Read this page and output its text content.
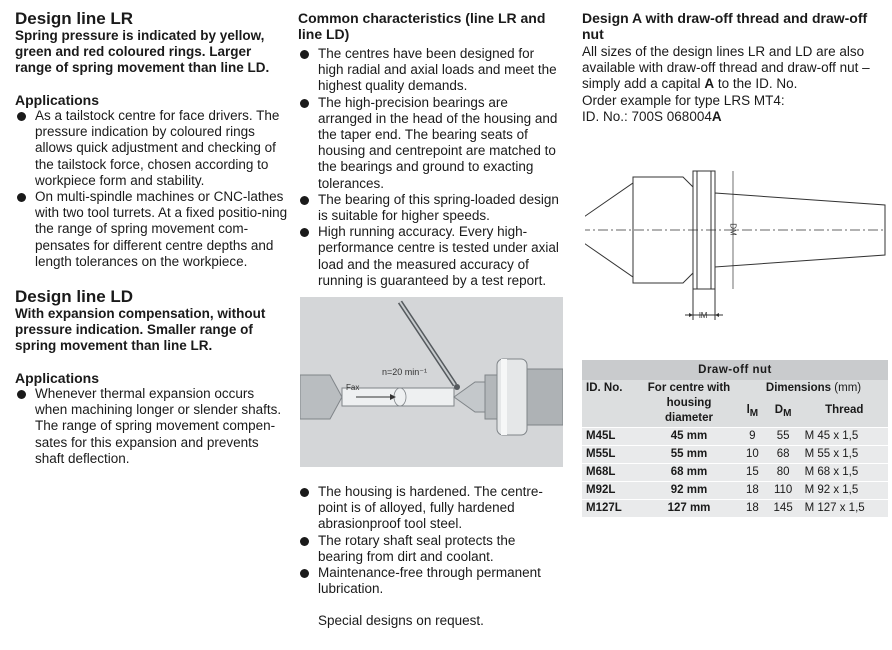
Design line LR
Spring pressure is indicated by yellow, green and red coloured rings. Larger range of spring movement than line LD.
Applications
As a tailstock centre for face drivers. The pressure indication by coloured rings allows quick adjustment and checking of the tailstock force, chosen according to workpiece form and stability.
On multi-spindle machines or CNC-lathes with two tool turrets. At a fixed positio-ning the range of spring movement com-pensates for different centre depths and length tolerances on the workpiece.
Design line LD
With expansion compensation, without pressure indication. Smaller range of spring movement than line LR.
Applications
Whenever thermal expansion occurs when machining longer or slender shafts. The range of spring movement compen-sates for this expansion and prevents shaft deflection.
Common characteristics (line LR and line LD)
The centres have been designed for high radial and axial loads and meet the highest quality demands.
The high-precision bearings are arranged in the head of the housing and the taper end. The bearing seats of housing and centrepoint are matched to the bearings and ground to exacting tolerances.
The bearing of this spring-loaded design is suitable for higher speeds.
High running accuracy. Every high-performance centre is tested under axial load and the measured accuracy of running is guaranteed by a test report.
n=20 min⁻¹
Fax
The housing is hardened. The centre-point is of alloyed, fully hardened abrasionproof tool steel.
The rotary shaft seal protects the bearing from dirt and coolant.
Maintenance-free through permanent lubrication.

Special designs on request.

Design A with draw-off thread and draw-off nut

All sizes of the design lines LR and LD are also available with draw-off thread and draw-off nut – simply add a capital A to the ID. No.

Order example for type LRS MT4:

ID. No.: 700S 068004A

DM
lM
Draw-off nut				
ID. No.	For centre with housing diameter	Dimensions (mm)		
		lM	DM	Thread
M45L	45 mm	9	55	M 45 x 1,5
M55L	55 mm	10	68	M 55 x 1,5
M68L	68 mm	15	80	M 68 x 1,5
M92L	92 mm	18	110	M 92 x 1,5
M127L	127 mm	18	145	M 127 x 1,5
